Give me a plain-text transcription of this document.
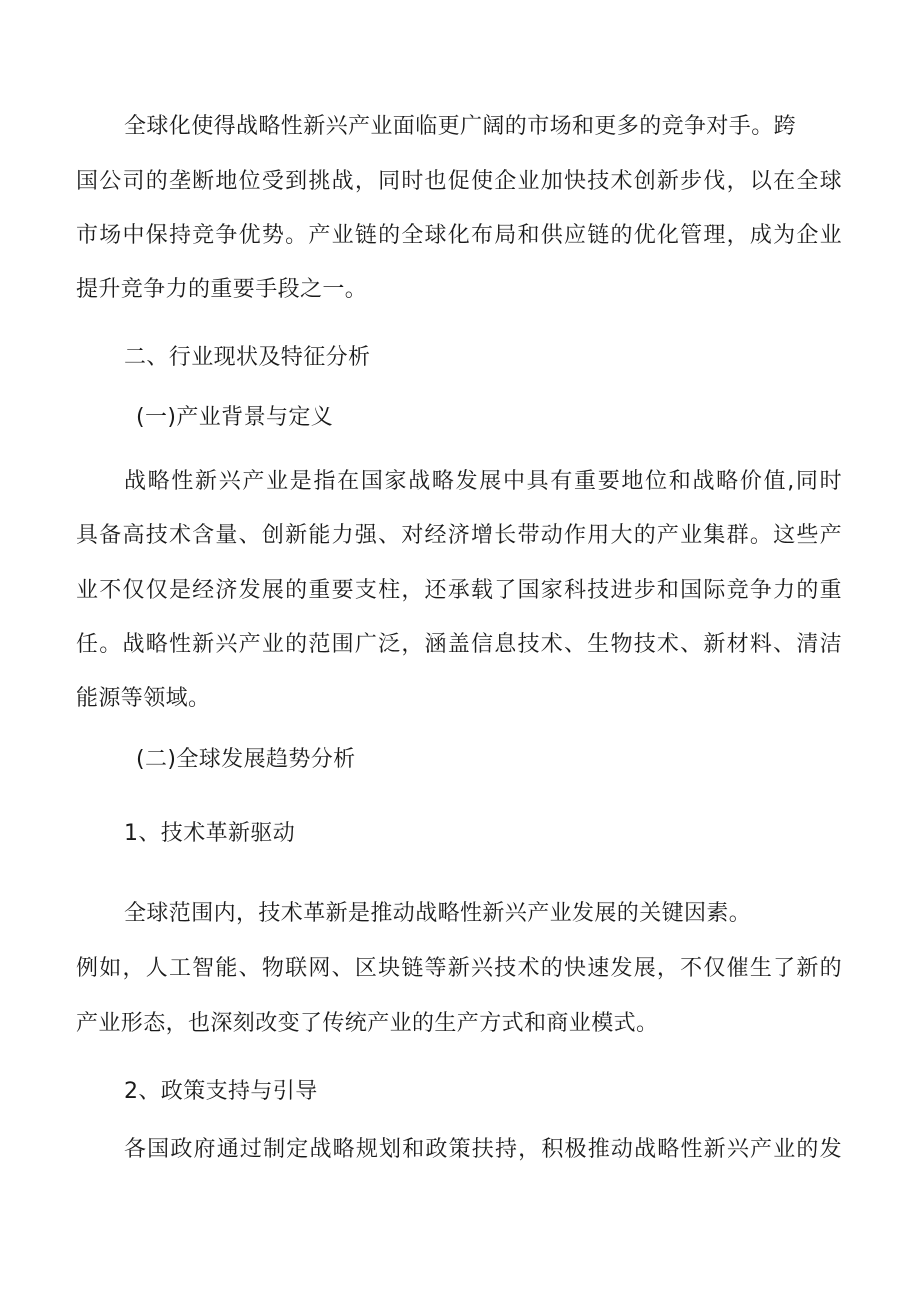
全球化使得战略性新兴产业面临更广阔的市场和更多的竞争对手。跨
国公司的垄断地位受到挑战，同时也促使企业加快技术创新步伐，以在全球
市场中保持竞争优势。产业链的全球化布局和供应链的优化管理，成为企业
提升竞争力的重要手段之一。
二、行业现状及特征分析
(一)产业背景与定义
战略性新兴产业是指在国家战略发展中具有重要地位和战略价值,同时
具备高技术含量、创新能力强、对经济增长带动作用大的产业集群。这些产
业不仅仅是经济发展的重要支柱，还承载了国家科技进步和国际竞争力的重
任。战略性新兴产业的范围广泛，涵盖信息技术、生物技术、新材料、清洁
能源等领域。
(二)全球发展趋势分析
1、技术革新驱动
全球范围内，技术革新是推动战略性新兴产业发展的关键因素。
例如，人工智能、物联网、区块链等新兴技术的快速发展，不仅催生了新的
产业形态，也深刻改变了传统产业的生产方式和商业模式。
2、政策支持与引导
各国政府通过制定战略规划和政策扶持，积极推动战略性新兴产业的发
